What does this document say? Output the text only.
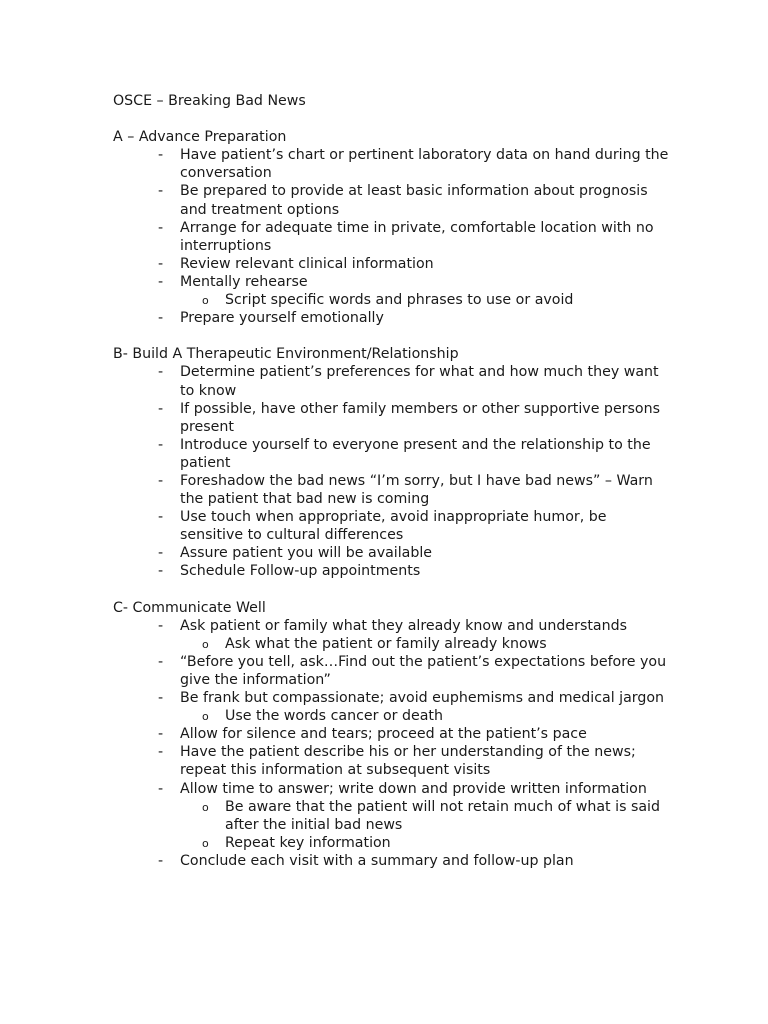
OSCE – Breaking Bad News
A – Advance Preparation
- Have patient’s chart or pertinent laboratory data on hand during the conversation
- Be prepared to provide at least basic information about prognosis and treatment options
- Arrange for adequate time in private, comfortable location with no interruptions
- Review relevant clinical information
- Mentally rehearse
o Script specific words and phrases to use or avoid
- Prepare yourself emotionally
B- Build A Therapeutic Environment/Relationship
- Determine patient’s preferences for what and how much they want to know
- If possible, have other family members or other supportive persons present
- Introduce yourself to everyone present and the relationship to the patient
- Foreshadow the bad news “I’m sorry, but I have bad news” – Warn the patient that bad new is coming
- Use touch when appropriate, avoid inappropriate humor, be sensitive to cultural differences
- Assure patient you will be available
- Schedule Follow-up appointments
C- Communicate Well
- Ask patient or family what they already know and understands
o Ask what the patient or family already knows
- “Before you tell, ask…Find out the patient’s expectations before you give the information”
- Be frank but compassionate; avoid euphemisms and medical jargon
o Use the words cancer or death
- Allow for silence and tears; proceed at the patient’s pace
- Have the patient describe his or her understanding of the news; repeat this information at subsequent visits
- Allow time to answer; write down and provide written information
o Be aware that the patient will not retain much of what is said after the initial bad news
o Repeat key information
- Conclude each visit with a summary and follow-up plan
